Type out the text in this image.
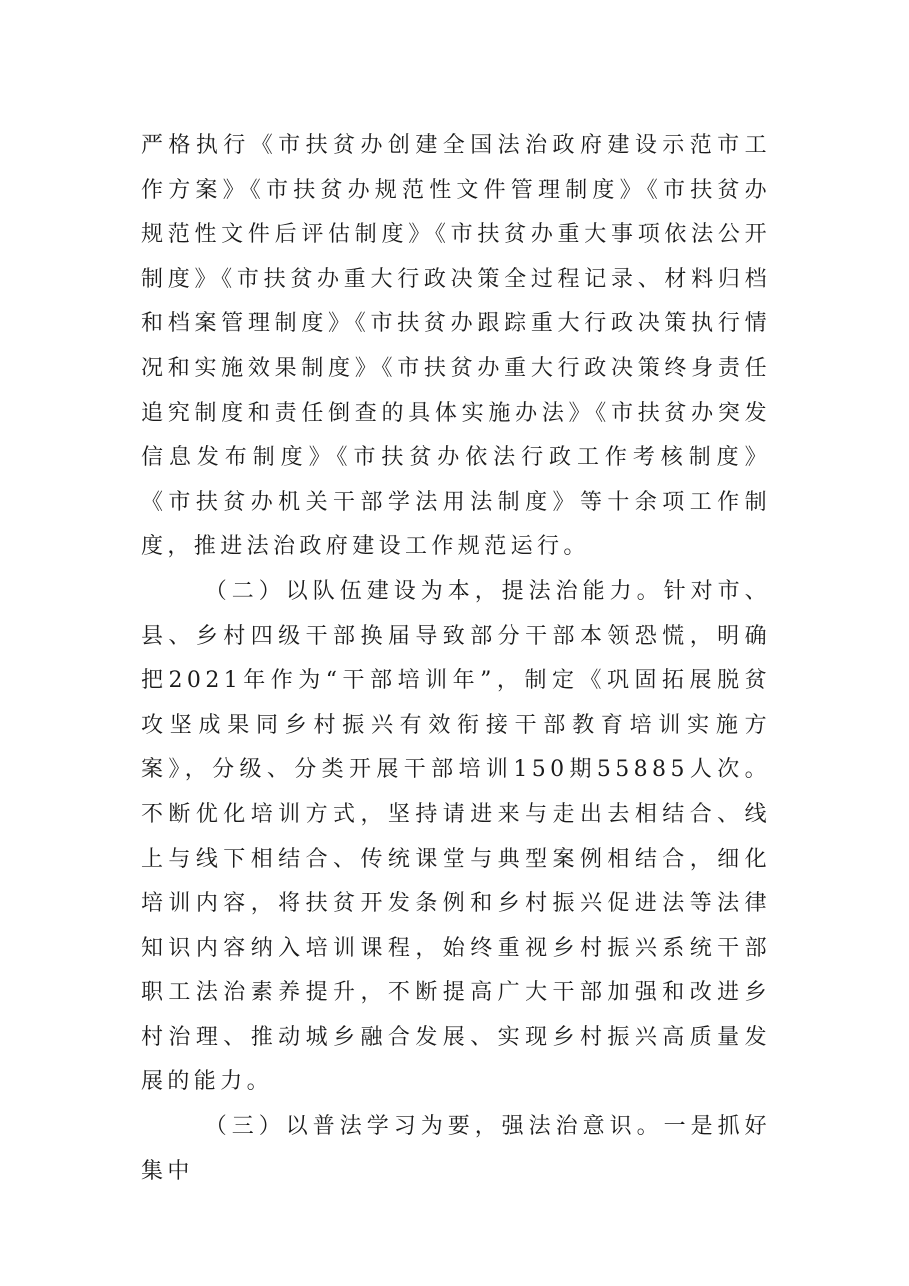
严格执行《市扶贫办创建全国法治政府建设示范市工作方案》《市扶贫办规范性文件管理制度》《市扶贫办规范性文件后评估制度》《市扶贫办重大事项依法公开制度》《市扶贫办重大行政决策全过程记录、材料归档和档案管理制度》《市扶贫办跟踪重大行政决策执行情况和实施效果制度》《市扶贫办重大行政决策终身责任追究制度和责任倒查的具体实施办法》《市扶贫办突发信息发布制度》《市扶贫办依法行政工作考核制度》《市扶贫办机关干部学法用法制度》等十余项工作制度，推进法治政府建设工作规范运行。

（二）以队伍建设为本，提法治能力。针对市、县、乡村四级干部换届导致部分干部本领恐慌，明确把2021年作为“干部培训年”，制定《巩固拓展脱贫攻坚成果同乡村振兴有效衔接干部教育培训实施方案》，分级、分类开展干部培训150期55885人次。不断优化培训方式，坚持请进来与走出去相结合、线上与线下相结合、传统课堂与典型案例相结合，细化培训内容，将扶贫开发条例和乡村振兴促进法等法律知识内容纳入培训课程，始终重视乡村振兴系统干部职工法治素养提升，不断提高广大干部加强和改进乡村治理、推动城乡融合发展、实现乡村振兴高质量发展的能力。

（三）以普法学习为要，强法治意识。一是抓好集中
